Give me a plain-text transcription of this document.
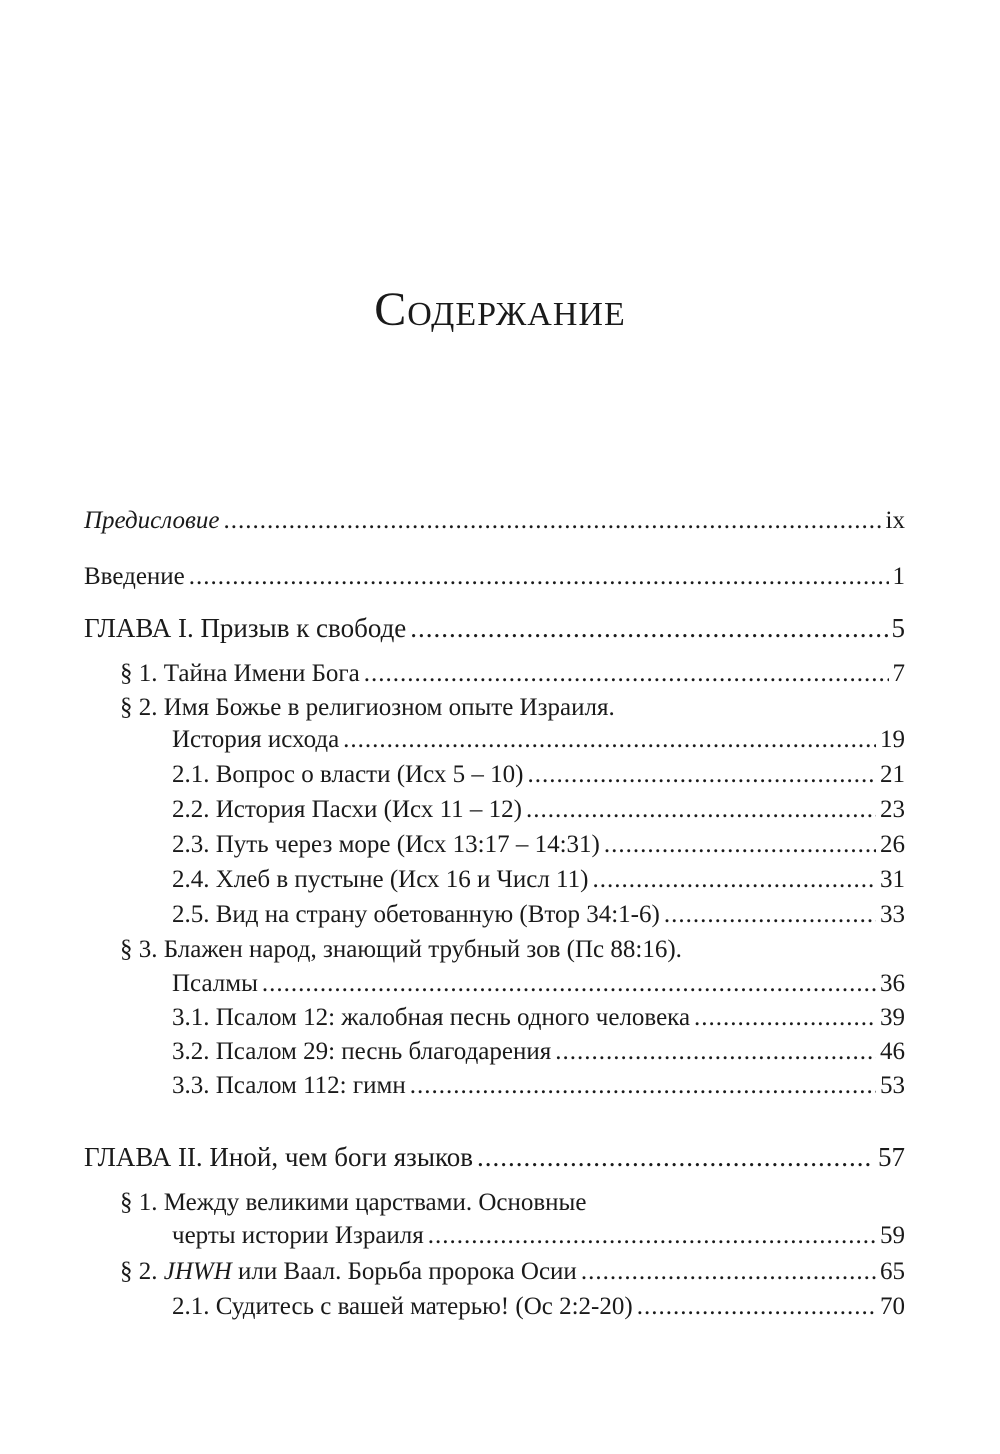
Содержание
Предисловие .....	ix
Введение .....	1
ГЛАВА I. Призыв к свободе .....	5
§ 1. Тайна Имени Бога .....	7
§ 2. Имя Божье в религиозном опыте Израиля.
История исхода .....	19
2.1. Вопрос о власти (Исх 5 – 10) .....	21
2.2. История Пасхи (Исх 11 – 12) .....	23
2.3. Путь через море (Исх 13:17 – 14:31) .....	26
2.4. Хлеб в пустыне (Исх 16 и Числ 11) .....	31
2.5. Вид на страну обетованную (Втор 34:1-6) .....	33
§ 3. Блажен народ, знающий трубный зов (Пс 88:16).
Псалмы .....	36
3.1. Псалом 12: жалобная песнь одного человека .....	39
3.2. Псалом 29: песнь благодарения .....	46
3.3. Псалом 112: гимн .....	53
ГЛАВА II. Иной, чем боги языков .....	57
§ 1. Между великими царствами. Основные
черты истории Израиля .....	59
§ 2. JHWH или Ваал. Борьба пророка Осии .....	65
2.1. Судитесь с вашей матерью! (Ос 2:2-20) .....	70
